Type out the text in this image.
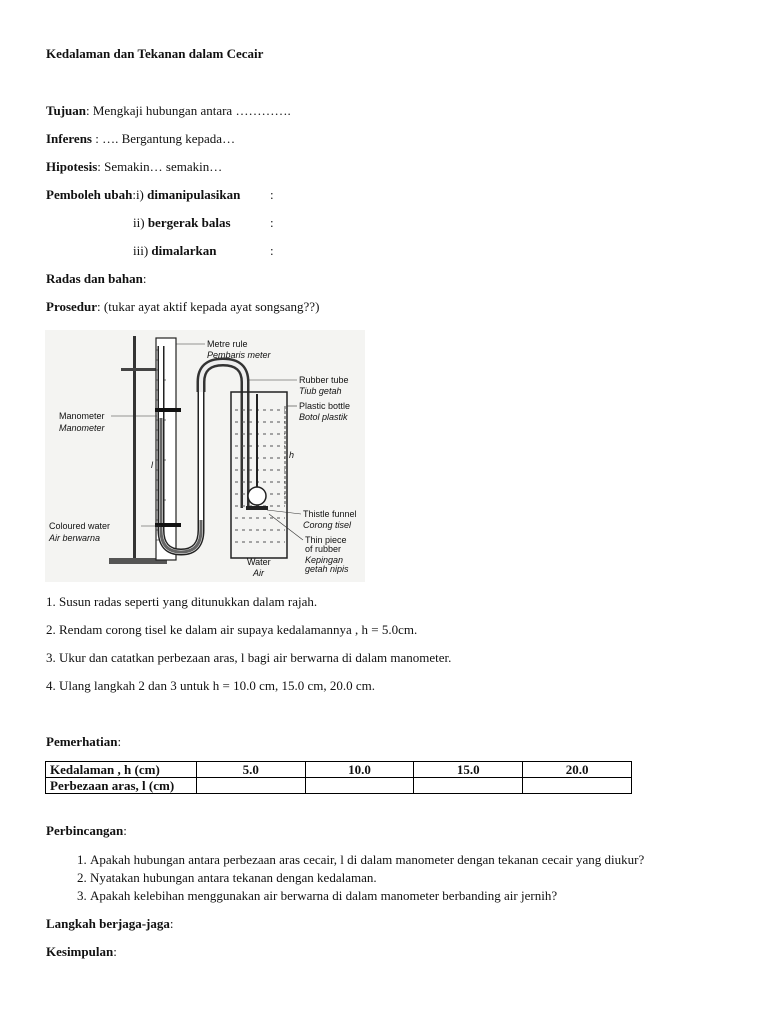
Kedalaman dan Tekanan dalam Cecair
Tujuan: Mengkaji hubungan antara ………….
Inferens : …. Bergantung kepada…
Hipotesis: Semakin… semakin…
Pemboleh ubah:i) dimanipulasikan :
ii) bergerak balas	:
iii) dimalarkan	:
Radas dan bahan:
Prosedur: (tukar ayat aktif kepada ayat songsang??)
Metre rule
Pembaris meter
Rubber tube
Tiub getah
Plastic bottle
Botol plastik
Manometer
Manometer
h
l
Coloured water
Air berwarna
Thistle funnel
Corong tisel
Thin piece
of rubber
Kepingan
getah nipis
Water
Air
1. Susun radas seperti yang ditunukkan dalam rajah.
2. Rendam corong tisel ke dalam air supaya kedalamannya , h = 5.0cm.
3. Ukur dan catatkan perbezaan aras, l bagi air berwarna di dalam manometer.
4. Ulang langkah 2 dan 3 untuk h = 10.0 cm, 15.0 cm, 20.0 cm.
Pemerhatian:
Kedalaman , h (cm)	5.0	10.0	15.0	20.0
Perbezaan aras, l (cm)				
Perbincangan:
1. Apakah hubungan antara perbezaan aras cecair, l di dalam manometer dengan tekanan cecair yang diukur?
2. Nyatakan hubungan antara tekanan dengan kedalaman.
3. Apakah kelebihan menggunakan air berwarna di dalam manometer berbanding air jernih?
Langkah berjaga-jaga:
Kesimpulan:
